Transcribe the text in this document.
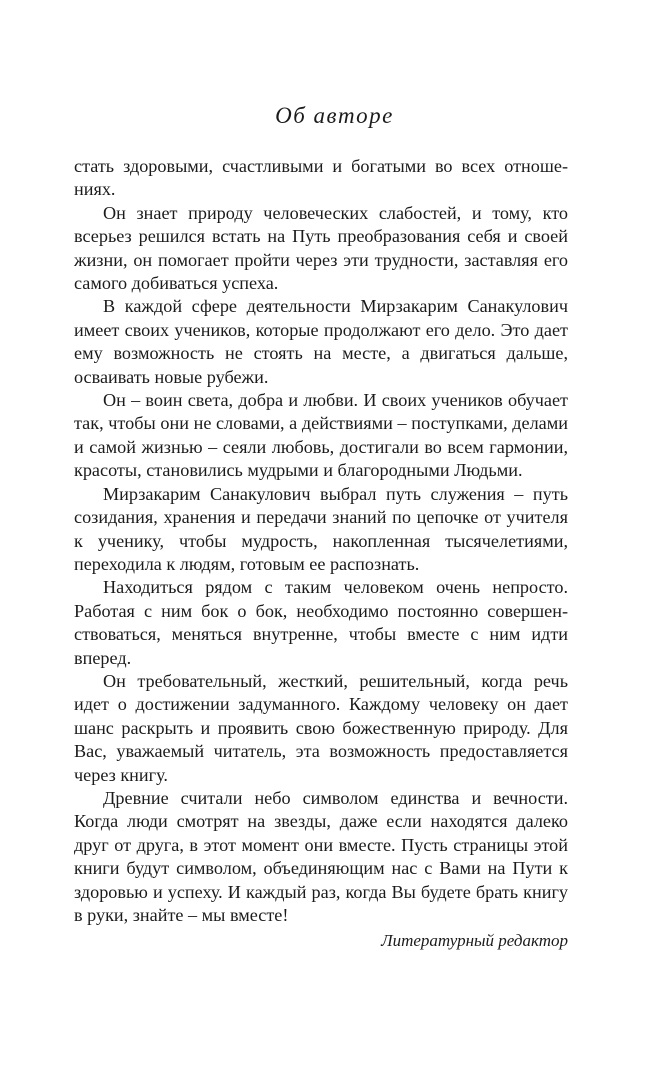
Об авторе

стать здоровыми, счастливыми и богатыми во всех отношениях.

Он знает природу человеческих слабостей, и тому, кто всерьез решился встать на Путь преобразования себя и своей жизни, он помогает пройти через эти трудности, заставляя его самого добиваться успеха.

В каждой сфере деятельности Мирзакарим Санакулович имеет своих учеников, которые продолжают его дело. Это дает ему возможность не стоять на месте, а двигаться дальше, осваивать новые рубежи.

Он – воин света, добра и любви. И своих учеников обучает так, чтобы они не словами, а действиями – поступками, делами и самой жизнью – сеяли любовь, достигали во всем гармонии, красоты, становились мудрыми и благородными Людьми.

Мирзакарим Санакулович выбрал путь служения – путь созидания, хранения и передачи знаний по цепочке от учителя к ученику, чтобы мудрость, накопленная тысячелетиями, переходила к людям, готовым ее распознать.

Находиться рядом с таким человеком очень непросто. Работая с ним бок о бок, необходимо постоянно совершенствоваться, меняться внутренне, чтобы вместе с ним идти вперед.

Он требовательный, жесткий, решительный, когда речь идет о достижении задуманного. Каждому человеку он дает шанс раскрыть и проявить свою божественную природу. Для Вас, уважаемый читатель, эта возможность предоставляется через книгу.

Древние считали небо символом единства и вечности. Когда люди смотрят на звезды, даже если находятся далеко друг от друга, в этот момент они вместе. Пусть страницы этой книги будут символом, объединяющим нас с Вами на Пути к здоровью и успеху. И каждый раз, когда Вы будете брать книгу в руки, знайте – мы вместе!

Литературный редактор
